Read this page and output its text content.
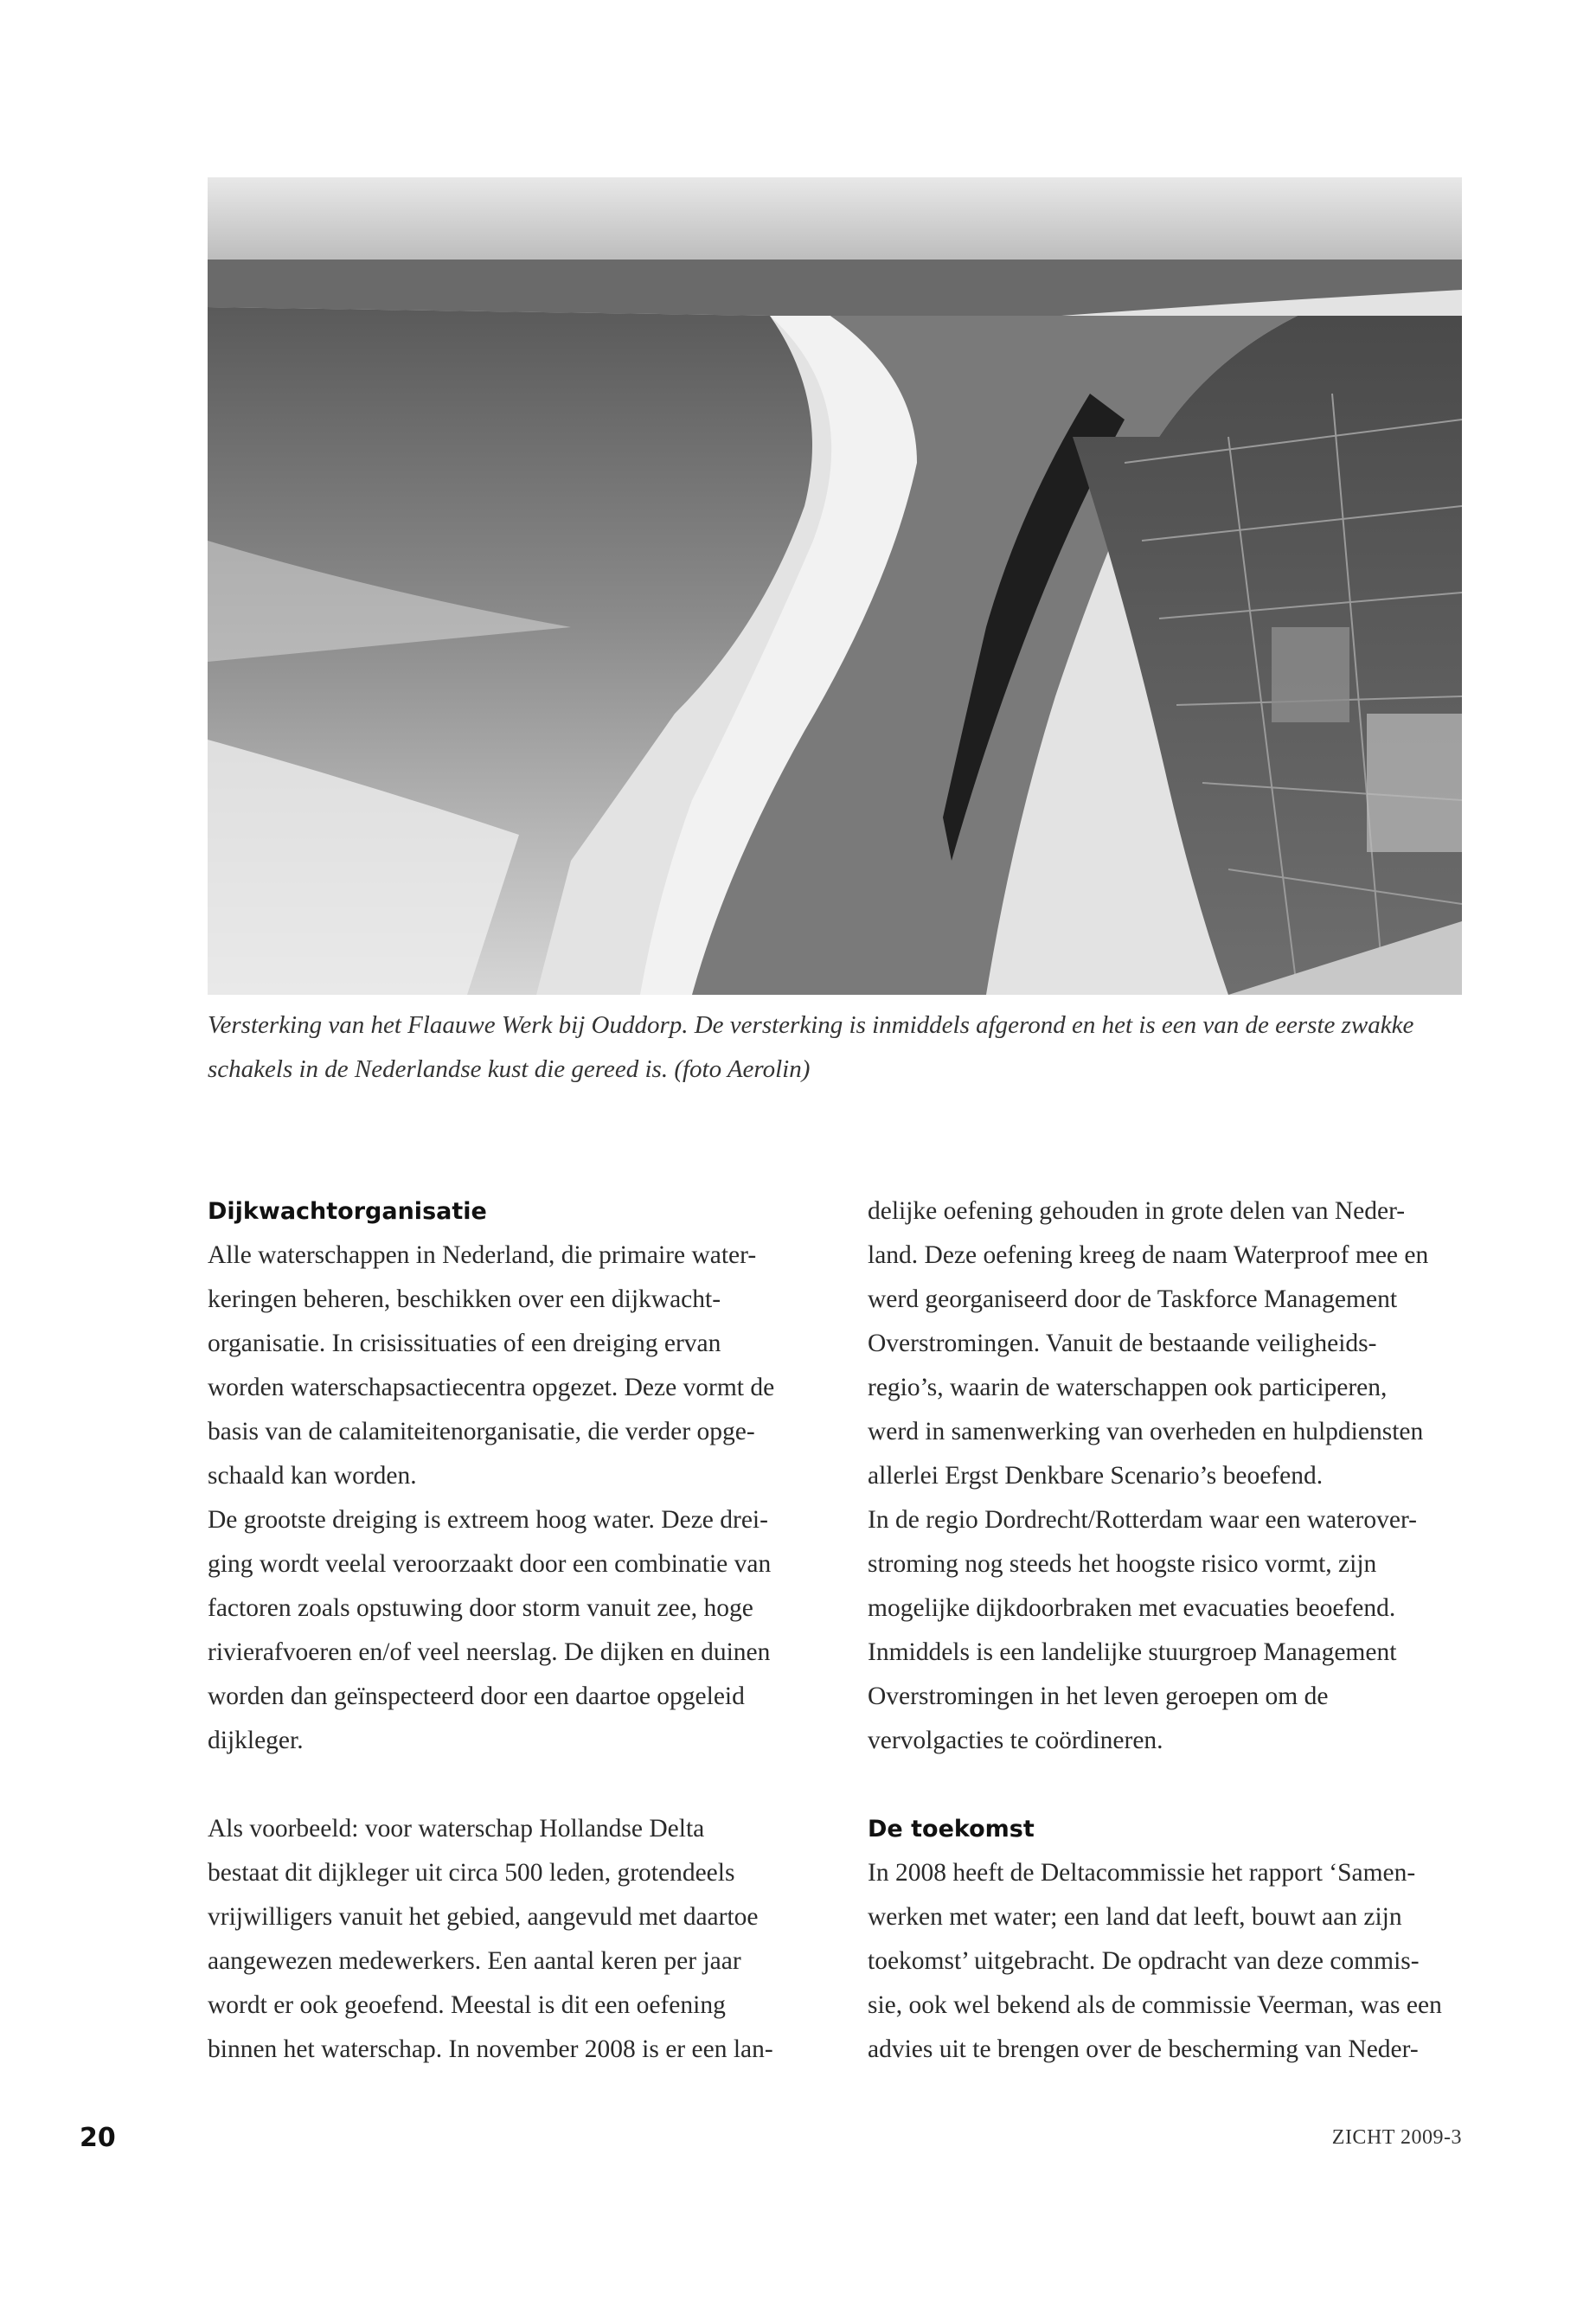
Versterking van het Flaauwe Werk bij Ouddorp. De versterking is inmiddels afgerond en het is een van de eerste zwakke
schakels in de Nederlandse kust die gereed is. (foto Aerolin)
Dijkwachtorganisatie

Alle waterschappen in Nederland, die primaire water-

keringen beheren, beschikken over een dijkwacht-

organisatie. In crisissituaties of een dreiging ervan

worden waterschapsactiecentra opgezet. Deze vormt de

basis van de calamiteitenorganisatie, die verder opge-

schaald kan worden.

De grootste dreiging is extreem hoog water. Deze drei-

ging wordt veelal veroorzaakt door een combinatie van

factoren zoals opstuwing door storm vanuit zee, hoge

rivierafvoeren en/of veel neerslag. De dijken en duinen

worden dan geïnspecteerd door een daartoe opgeleid

dijkleger.

Als voorbeeld: voor waterschap Hollandse Delta

bestaat dit dijkleger uit circa 500 leden, grotendeels

vrijwilligers vanuit het gebied, aangevuld met daartoe

aangewezen medewerkers. Een aantal keren per jaar

wordt er ook geoefend. Meestal is dit een oefening

binnen het waterschap. In november 2008 is er een lan-

delijke oefening gehouden in grote delen van Neder-

land. Deze oefening kreeg de naam Waterproof mee en

werd georganiseerd door de Taskforce Management

Overstromingen. Vanuit de bestaande veiligheids-

regio’s, waarin de waterschappen ook participeren,

werd in samenwerking van overheden en hulpdiensten

allerlei Ergst Denkbare Scenario’s beoefend.

In de regio Dordrecht/Rotterdam waar een waterover-

stroming nog steeds het hoogste risico vormt, zijn

mogelijke dijkdoorbraken met evacuaties beoefend.

Inmiddels is een landelijke stuurgroep Management

Overstromingen in het leven geroepen om de

vervolgacties te coördineren.

De toekomst

In 2008 heeft de Deltacommissie het rapport ‘Samen-

werken met water; een land dat leeft, bouwt aan zijn

toekomst’ uitgebracht. De opdracht van deze commis-

sie, ook wel bekend als de commissie Veerman, was een

advies uit te brengen over de bescherming van Neder-

20	ZICHT 2009-3
